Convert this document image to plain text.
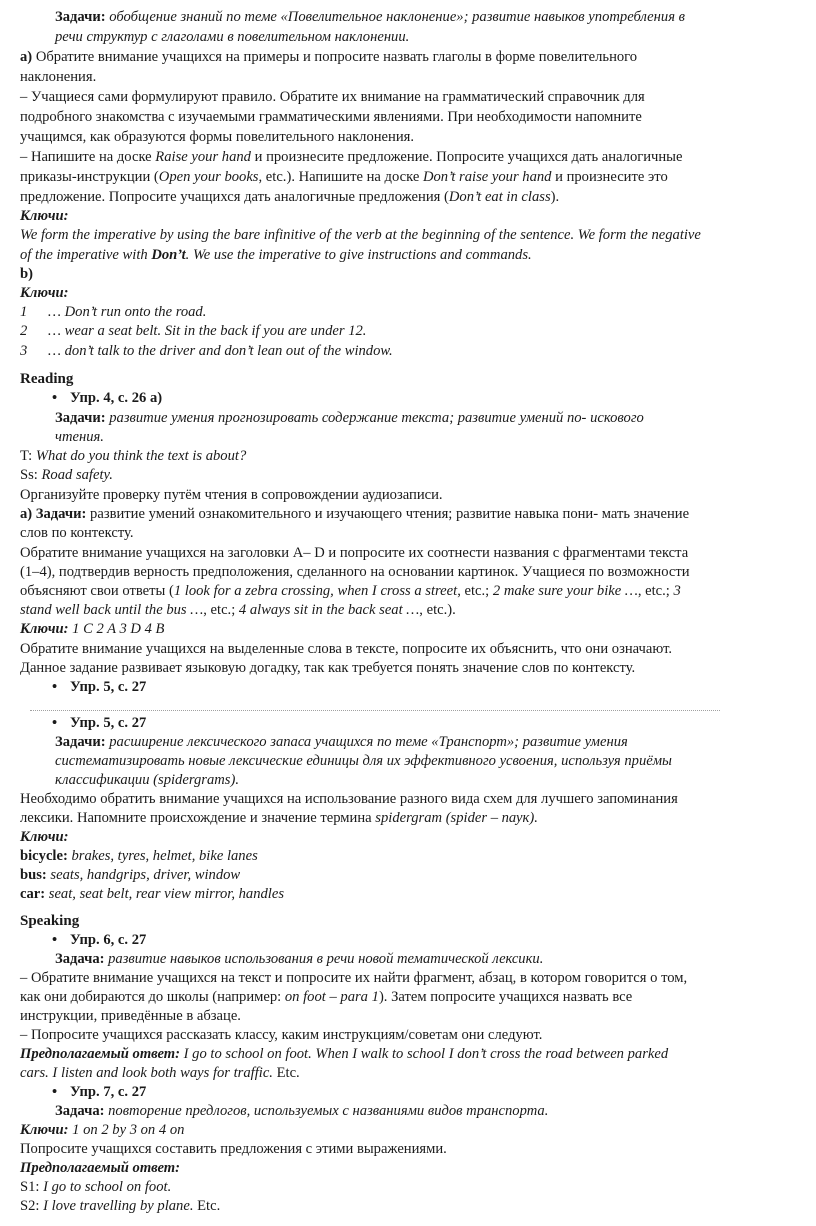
Задачи: обобщение знаний по теме «Повелительное наклонение»; развитие навыков употребления в

речи структур с глаголами в повелительном наклонении.

a) Обратите внимание учащихся на примеры и попросите назвать глаголы в форме повелительного

наклонения.

– Учащиеся сами формулируют правило. Обратите их внимание на грамматический справочник для

подробного знакомства с изучаемыми грамматическими явлениями. При необходимости напомните

учащимся, как образуются формы повелительного наклонения.

– Напишите на доске Raise your hand и произнесите предложение. Попросите учащихся дать аналогичные

приказы-инструкции (Open your books, etc.). Напишите на доске Don’t raise your hand и произнесите это

предложение. Попросите учащихся дать аналогичные предложения (Don’t eat in class).

Ключи:

We form the imperative by using the bare infinitive of the verb at the beginning of the sentence. We form the negative

of the imperative with Don’t. We use the imperative to give instructions and commands.

b)

Ключи:

1 … Don’t run onto the road.

2 … wear a seat belt. Sit in the back if you are under 12.

3 … don’t talk to the driver and don’t lean out of the window.

Reading

• Упр. 4, с. 26 а)

Задачи: развитие умения прогнозировать содержание текста; развитие умений по- искового

чтения.

T: What do you think the text is about?

Ss: Road safety.

Организуйте проверку путём чтения в сопровождении аудиозаписи.

а) Задачи: развитие умений ознакомительного и изучающего чтения; развитие навыка пони- мать значение

слов по контексту.

Обратите внимание учащихся на заголовки A– D и попросите их соотнести названия с фрагментами текста

(1–4), подтвердив верность предположения, сделанного на основании картинок. Учащиеся по возможности

объясняют свои ответы (1 look for a zebra crossing, when I cross a street, etc.; 2 make sure your bike …, etc.; 3

stand well back until the bus …, etc.; 4 always sit in the back seat …, etc.).

Ключи: 1 C 2 A 3 D 4 B

Обратите внимание учащихся на выделенные слова в тексте, попросите их объяснить, что они означают.

Данное задание развивает языковую догадку, так как требуется понять значение слов по контексту.

• Упр. 5, с. 27

• Упр. 5, с. 27

Задачи: расширение лексического запаса учащихся по теме «Транспорт»; развитие умения

систематизировать новые лексические единицы для их эффективного усвоения, используя приёмы

классификации (spidergrams).

Необходимо обратить внимание учащихся на использование разного вида схем для лучшего запоминания

лексики. Напомните происхождение и значение термина spidergram (spider – паук).

Ключи:

bicycle: brakes, tyres, helmet, bike lanes

bus: seats, handgrips, driver, window

car: seat, seat belt, rear view mirror, handles

Speaking

• Упр. 6, с. 27

Задача: развитие навыков использования в речи новой тематической лексики.

– Обратите внимание учащихся на текст и попросите их найти фрагмент, абзац, в котором говорится о том,

как они добираются до школы (например: on foot – para 1). Затем попросите учащихся назвать все

инструкции, приведённые в абзаце.

– Попросите учащихся рассказать классу, каким инструкциям/советам они следуют.

Предполагаемый ответ: I go to school on foot. When I walk to school I don’t cross the road between parked

cars. I listen and look both ways for traffic. Etc.

• Упр. 7, с. 27

Задача: повторение предлогов, используемых с названиями видов транспорта.

Ключи: 1 on 2 by 3 on 4 on

Попросите учащихся составить предложения с этими выражениями.

Предполагаемый ответ:

S1: I go to school on foot.

S2: I love travelling by plane. Etc.
